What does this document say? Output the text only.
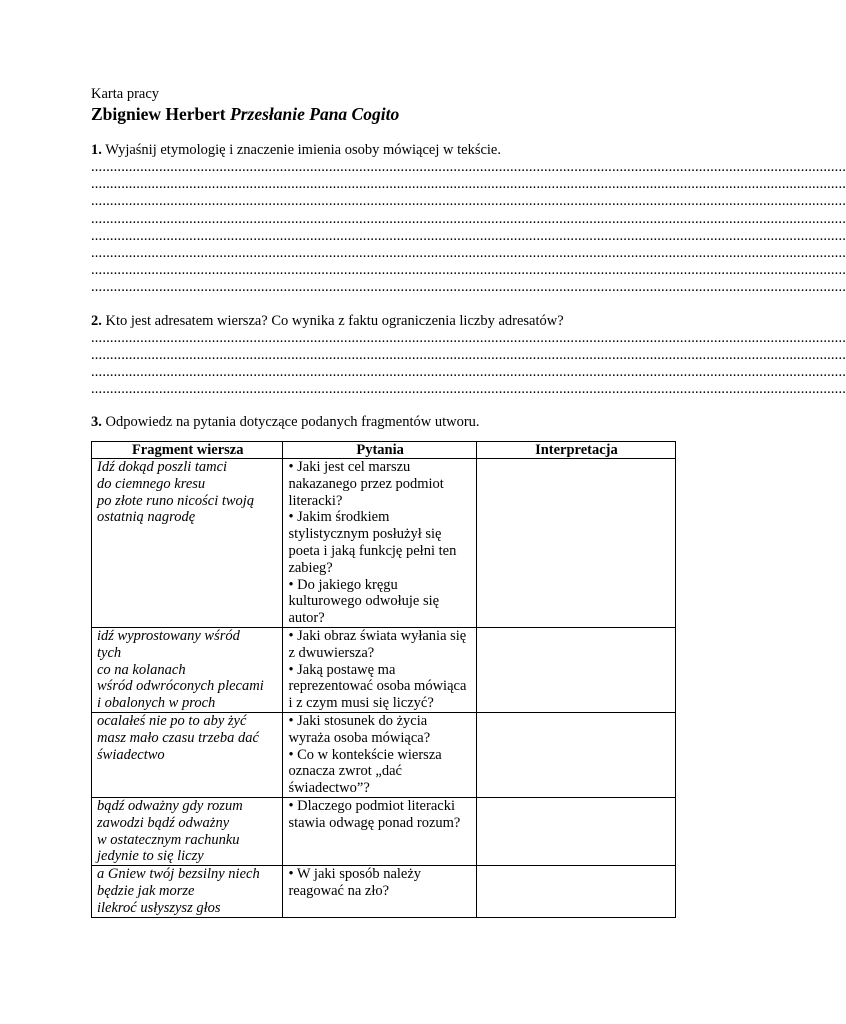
Karta pracy
Zbigniew Herbert Przesłanie Pana Cogito
1. Wyjaśnij etymologię i znaczenie imienia osoby mówiącej w tekście.
........................................................................................................................................................................................................
........................................................................................................................................................................................................
........................................................................................................................................................................................................
........................................................................................................................................................................................................
........................................................................................................................................................................................................
........................................................................................................................................................................................................
........................................................................................................................................................................................................
........................................................................................................................................................................................................
2. Kto jest adresatem wiersza? Co wynika z faktu ograniczenia liczby adresatów?
........................................................................................................................................................................................................
........................................................................................................................................................................................................
........................................................................................................................................................................................................
........................................................................................................................................................................................................
3. Odpowiedz na pytania dotyczące podanych fragmentów utworu.
Fragment wiersza	Pytania	Interpretacja
Idź dokąd poszli tamci
do ciemnego kresu
po złote runo nicości twoją
ostatnią nagrodę	• Jaki jest cel marszu nakazanego przez podmiot literacki?
• Jakim środkiem stylistycznym posłużył się poeta i jaką funkcję pełni ten zabieg?
• Do jakiego kręgu kulturowego odwołuje się autor?	

idź wyprostowany wśród
tych
co na kolanach
wśród odwróconych plecami
i obalonych w proch	• Jaki obraz świata wyłania się z dwuwiersza?
• Jaką postawę ma reprezentować osoba mówiąca i z czym musi się liczyć?	

ocalałeś nie po to aby żyć
masz mało czasu trzeba dać
świadectwo	• Jaki stosunek do życia wyraża osoba mówiąca?
• Co w kontekście wiersza oznacza zwrot „dać świadectwo”?	

bądź odważny gdy rozum
zawodzi bądź odważny
w ostatecznym rachunku
jedynie to się liczy	• Dlaczego podmiot literacki stawia odwagę ponad rozum?	

a Gniew twój bezsilny niech
będzie jak morze
ilekroć usłyszysz głos	• W jaki sposób należy reagować na zło?	
